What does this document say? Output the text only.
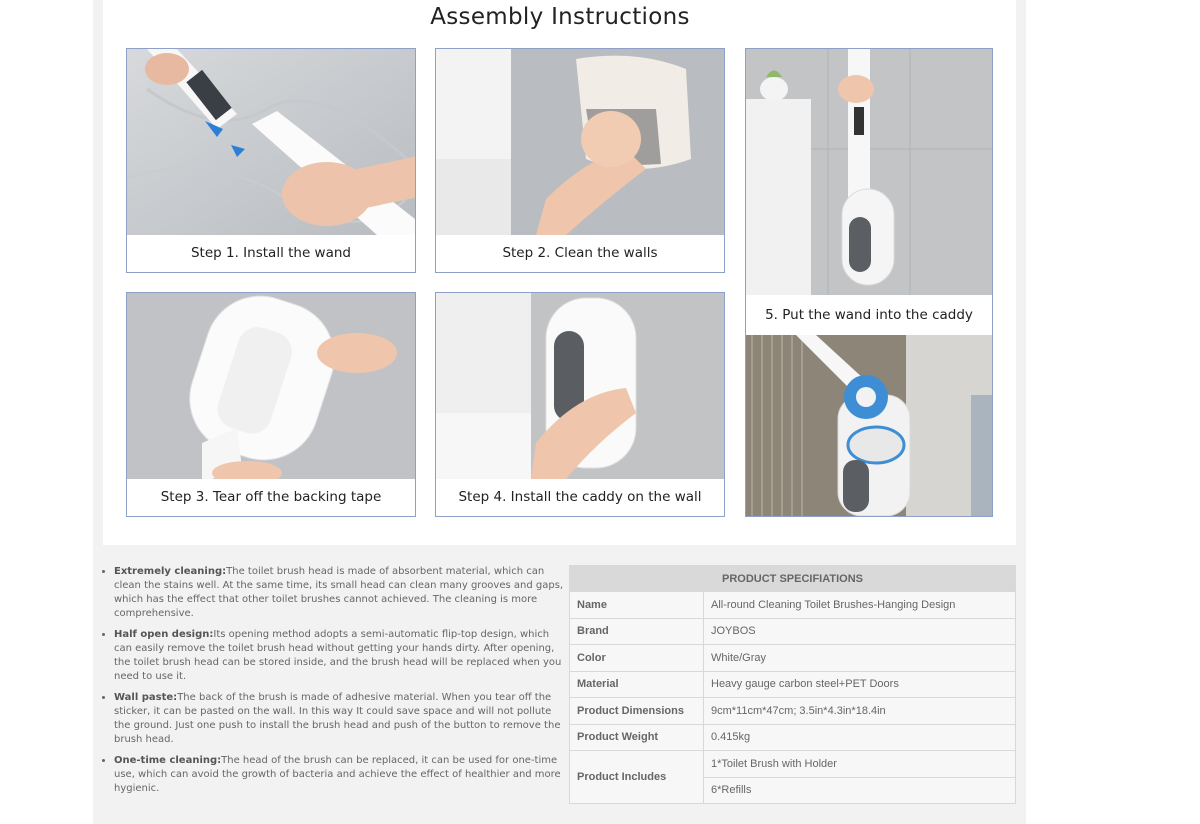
Assembly Instructions
Step 1. Install the wand	Step 2. Clean the walls
5. Put the wand into the caddy
Step 3. Tear off the backing tape	Step 4. Install the caddy on the wall
• Extremely cleaning:The toilet brush head is made of absorbent material, which can clean the stains well. At the same time, its small head can clean many grooves and gaps, which has the effect that other toilet brushes cannot achieved. The cleaning is more comprehensive.
• Half open design:Its opening method adopts a semi-automatic flip-top design, which can easily remove the toilet brush head without getting your hands dirty. After opening, the toilet brush head can be stored inside, and the brush head will be replaced when you need to use it.
• Wall paste:The back of the brush is made of adhesive material. When you tear off the sticker, it can be pasted on the wall. In this way It could save space and will not pollute the ground. Just one push to install the brush head and push of the button to remove the brush head.
• One-time cleaning:The head of the brush can be replaced, it can be used for one-time use, which can avoid the growth of bacteria and achieve the effect of healthier and more hygienic.
PRODUCT SPECIFIATIONS	
Name	All-round Cleaning Toilet Brushes-Hanging Design
Brand	JOYBOS
Color	White/Gray
Material	Heavy gauge carbon steel+PET Doors
Product Dimensions	9cm*11cm*47cm; 3.5in*4.3in*18.4in
Product Weight	0.415kg
Product Includes	1*Toilet Brush with Holder
	6*Refills
